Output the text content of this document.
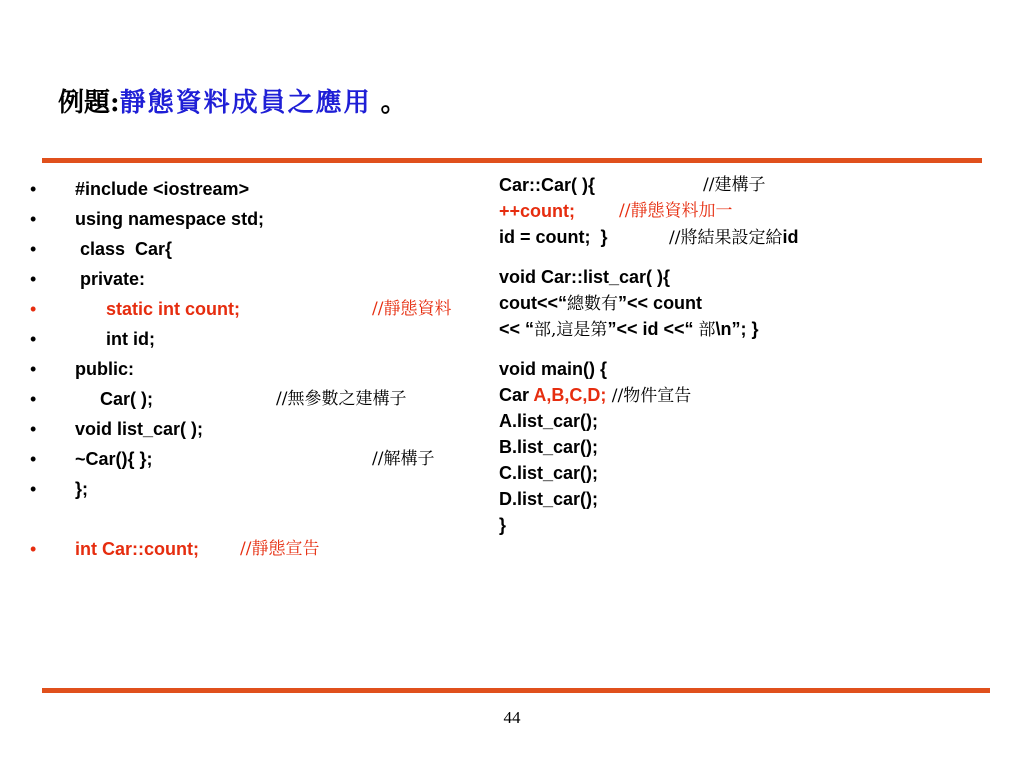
例題:靜態資料成員之應用 。
• #include <iostream>
• using namespace std;
• class  Car{
• private:
•	static int count;	//靜態資料
•	int id;
• public:
•	Car( );	//無參數之建構子
• void list_car( );
• ~Car(){ };	//解構子
• };
• int Car::count; //靜態宣告
Car::Car( ){	//建構子
++count;	//靜態資料加一
id = count;  }	//將結果設定給id
void Car::list_car( ){
cout<<“總數有”<< count
<< “部,這是第”<< id <<“ 部\n”; }
void main() {
Car A,B,C,D; //物件宣告
A.list_car();
B.list_car();
C.list_car();
D.list_car();
}
44
